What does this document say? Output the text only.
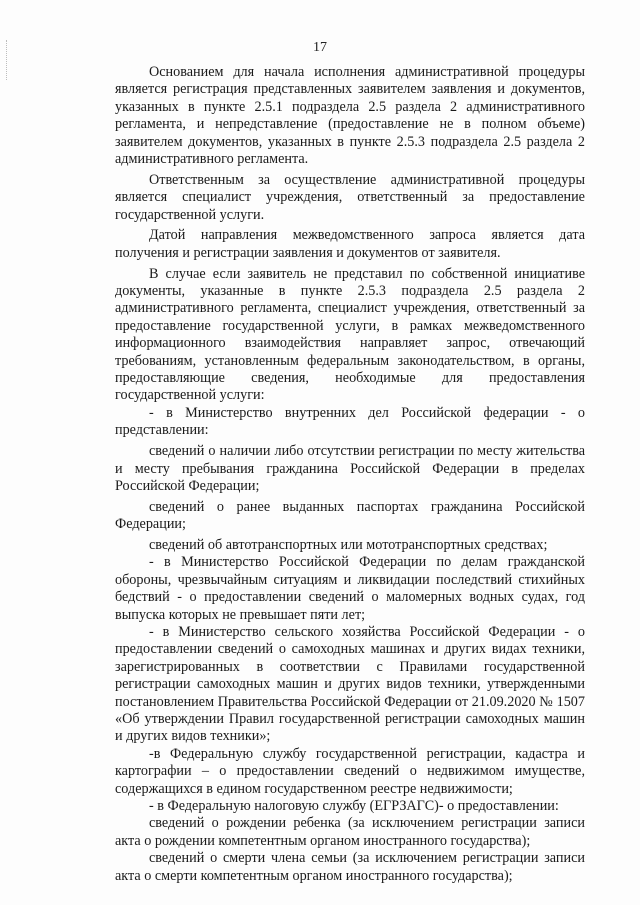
17

Основанием для начала исполнения административной процедуры является регистрация представленных заявителем заявления и документов, указанных в пункте 2.5.1 подраздела 2.5 раздела 2 административного регламента, и непредставление (предоставление не в полном объеме) заявителем документов, указанных в пункте 2.5.3 подраздела 2.5 раздела 2 административного регламента.

Ответственным за осуществление административной процедуры является специалист учреждения, ответственный за предоставление государственной услуги.

Датой направления межведомственного запроса является дата получения и регистрации заявления и документов от заявителя.

В случае если заявитель не представил по собственной инициативе документы, указанные в пункте 2.5.3 подраздела 2.5 раздела 2 административного регламента, специалист учреждения, ответственный за предоставление государственной услуги, в рамках межведомственного информационного взаимодействия направляет запрос, отвечающий требованиям, установленным федеральным законодательством, в органы, предоставляющие сведения, необходимые для предоставления государственной услуги:

- в Министерство внутренних дел Российской федерации - о представлении:

сведений о наличии либо отсутствии регистрации по месту жительства и месту пребывания гражданина Российской Федерации в пределах Российской Федерации;

сведений о ранее выданных паспортах гражданина Российской Федерации;

сведений об автотранспортных или мототранспортных средствах;

- в Министерство Российской Федерации по делам гражданской обороны, чрезвычайным ситуациям и ликвидации последствий стихийных бедствий - о предоставлении сведений о маломерных водных судах, год выпуска которых не превышает пяти лет;

- в Министерство сельского хозяйства Российской Федерации - о предоставлении сведений о самоходных машинах и других видах техники, зарегистрированных в соответствии с Правилами государственной регистрации самоходных машин и других видов техники, утвержденными постановлением Правительства Российской Федерации от 21.09.2020 № 1507 «Об утверждении Правил государственной регистрации самоходных машин и других видов техники»;

-в Федеральную службу государственной регистрации, кадастра и картографии – о предоставлении сведений о недвижимом имуществе, содержащихся в едином государственном реестре недвижимости;

- в Федеральную налоговую службу (ЕГРЗАГС)- о предоставлении:

сведений о рождении ребенка (за исключением регистрации записи акта о рождении компетентным органом иностранного государства);

сведений о смерти члена семьи (за исключением регистрации записи акта о смерти компетентным органом иностранного государства);
